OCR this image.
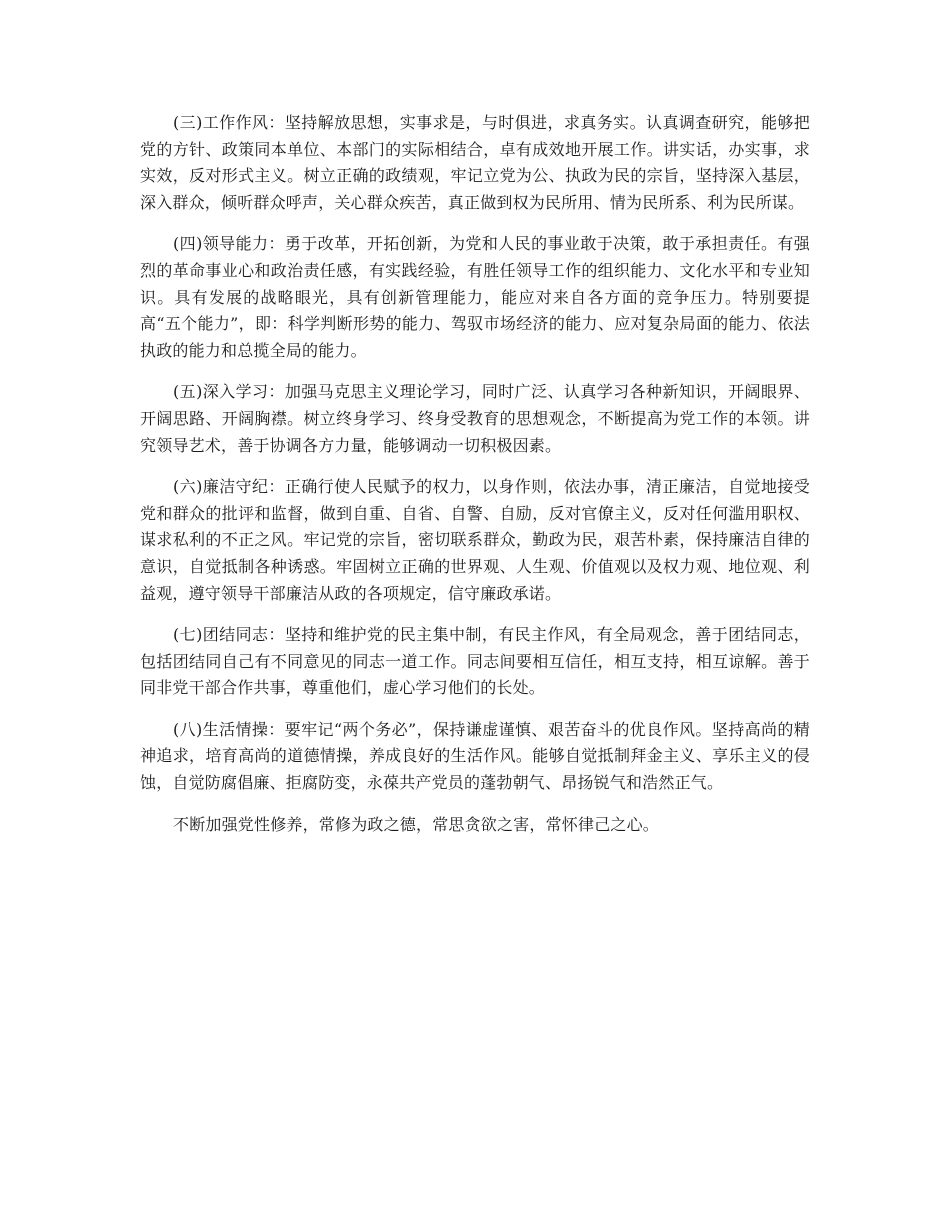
(三)工作作风：坚持解放思想，实事求是，与时俱进，求真务实。认真调查研究，能够把党的方针、政策同本单位、本部门的实际相结合，卓有成效地开展工作。讲实话，办实事，求实效，反对形式主义。树立正确的政绩观，牢记立党为公、执政为民的宗旨，坚持深入基层，深入群众，倾听群众呼声，关心群众疾苦，真正做到权为民所用、情为民所系、利为民所谋。

(四)领导能力：勇于改革，开拓创新，为党和人民的事业敢于决策，敢于承担责任。有强烈的革命事业心和政治责任感，有实践经验，有胜任领导工作的组织能力、文化水平和专业知识。具有发展的战略眼光，具有创新管理能力，能应对来自各方面的竞争压力。特别要提高“五个能力”，即：科学判断形势的能力、驾驭市场经济的能力、应对复杂局面的能力、依法执政的能力和总揽全局的能力。

(五)深入学习：加强马克思主义理论学习，同时广泛、认真学习各种新知识，开阔眼界、开阔思路、开阔胸襟。树立终身学习、终身受教育的思想观念，不断提高为党工作的本领。讲究领导艺术，善于协调各方力量，能够调动一切积极因素。

(六)廉洁守纪：正确行使人民赋予的权力，以身作则，依法办事，清正廉洁，自觉地接受党和群众的批评和监督，做到自重、自省、自警、自励，反对官僚主义，反对任何滥用职权、谋求私利的不正之风。牢记党的宗旨，密切联系群众，勤政为民，艰苦朴素，保持廉洁自律的意识，自觉抵制各种诱惑。牢固树立正确的世界观、人生观、价值观以及权力观、地位观、利益观，遵守领导干部廉洁从政的各项规定，信守廉政承诺。

(七)团结同志：坚持和维护党的民主集中制，有民主作风，有全局观念，善于团结同志，包括团结同自己有不同意见的同志一道工作。同志间要相互信任，相互支持，相互谅解。善于同非党干部合作共事，尊重他们，虚心学习他们的长处。

(八)生活情操：要牢记“两个务必”，保持谦虚谨慎、艰苦奋斗的优良作风。坚持高尚的精神追求，培育高尚的道德情操，养成良好的生活作风。能够自觉抵制拜金主义、享乐主义的侵蚀，自觉防腐倡廉、拒腐防变，永葆共产党员的蓬勃朝气、昂扬锐气和浩然正气。

不断加强党性修养，常修为政之德，常思贪欲之害，常怀律己之心。
